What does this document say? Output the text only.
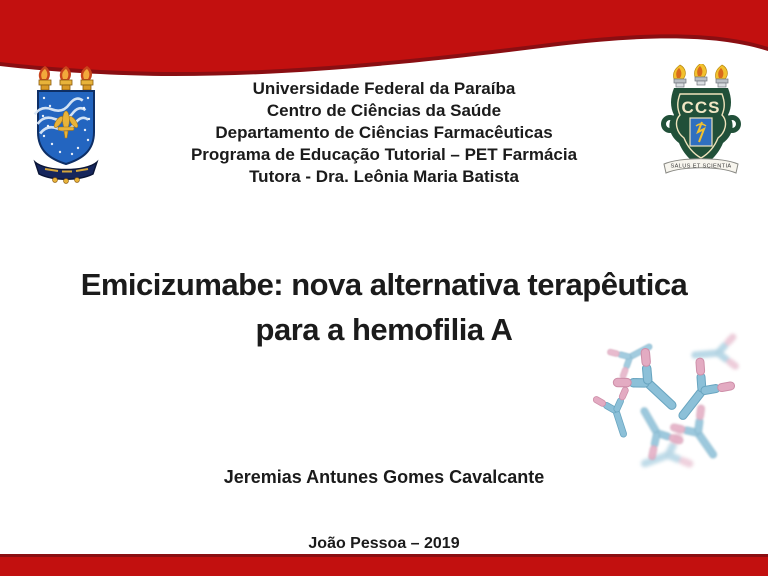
CCS
SALUS ET SCIENTIA
Universidade Federal da Paraíba
Centro de Ciências da Saúde
Departamento de Ciências Farmacêuticas
Programa de Educação Tutorial – PET Farmácia
Tutora - Dra. Leônia Maria Batista
Emicizumabe: nova alternativa terapêutica
para a hemofilia A
Jeremias Antunes Gomes Cavalcante
João Pessoa – 2019
